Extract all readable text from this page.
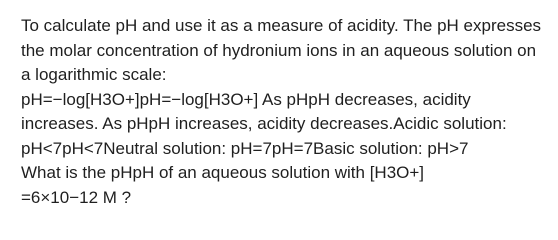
To calculate pH and use it as a measure of acidity. The pH expresses the molar concentration of hydronium ions in an aqueous solution on a logarithmic scale:
pH=−log[H3O+]pH=−log[H3O+] As pHpH decreases, acidity increases. As pHpH increases, acidity decreases.Acidic solution:
pH<7pH<7Neutral solution: pH=7pH=7Basic solution: pH>7
What is the pHpH of an aqueous solution with [H3O+]
=6×10−12 M ?
